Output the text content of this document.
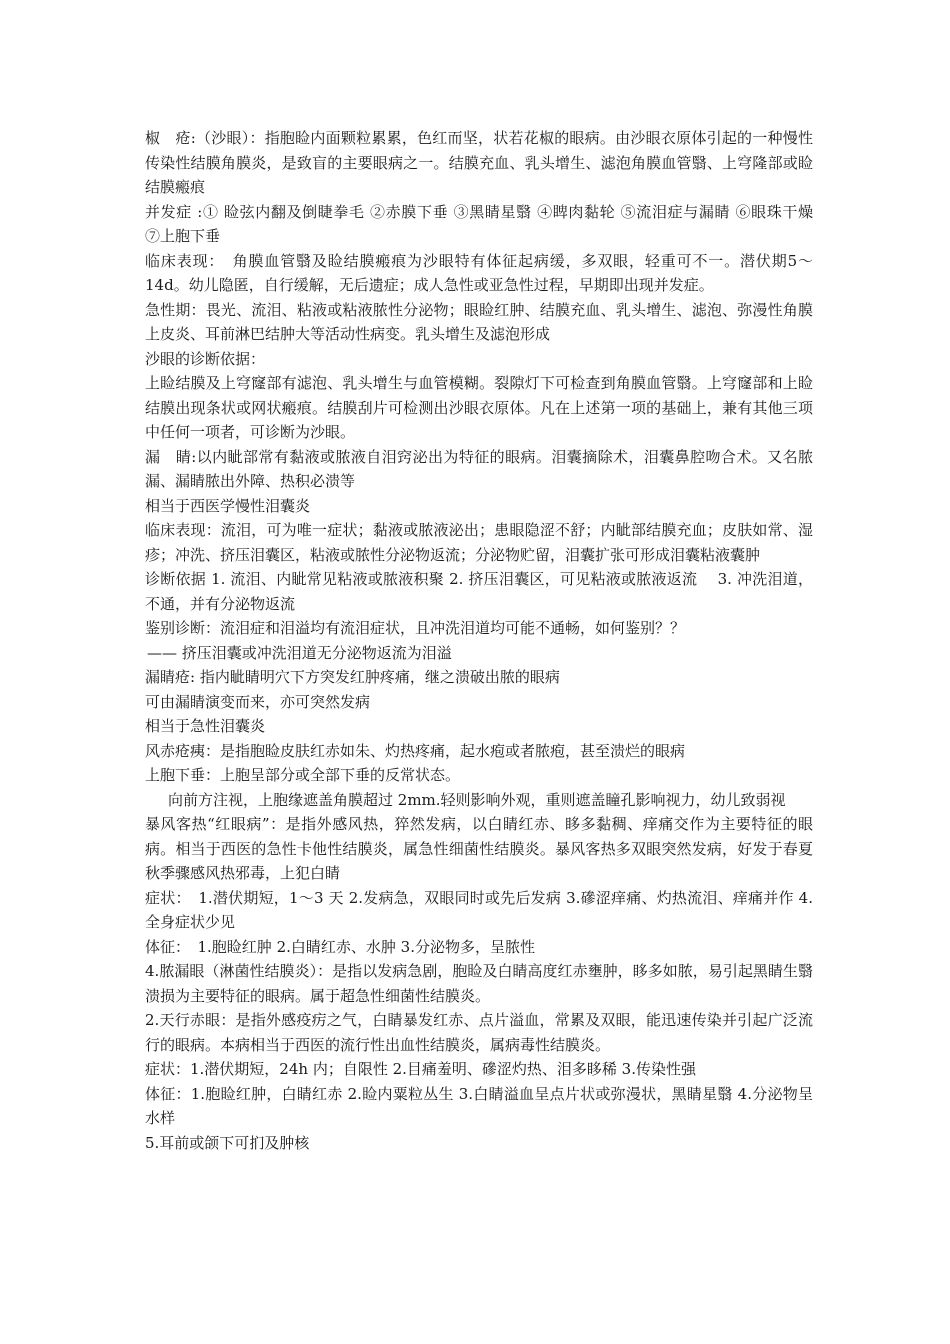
椒　疮:（沙眼）：指胞睑内面颗粒累累，色红而坚，状若花椒的眼病。由沙眼衣原体引起的一种慢性传染性结膜角膜炎，是致盲的主要眼病之一。结膜充血、乳头增生、滤泡角膜血管翳、上穹隆部或睑结膜瘢痕

并发症 :① 睑弦内翻及倒睫拳毛 ②赤膜下垂 ③黑睛星翳 ④睥肉黏轮 ⑤流泪症与漏睛 ⑥眼珠干燥　⑦上胞下垂

临床表现：　角膜血管翳及睑结膜瘢痕为沙眼特有体征起病缓，多双眼，轻重可不一。潜伏期5～14d。幼儿隐匿，自行缓解，无后遗症；成人急性或亚急性过程，早期即出现并发症。

急性期：畏光、流泪、粘液或粘液脓性分泌物；眼睑红肿、结膜充血、乳头增生、滤泡、弥漫性角膜上皮炎、耳前淋巴结肿大等活动性病变。乳头增生及滤泡形成

沙眼的诊断依据：

上睑结膜及上穹窿部有滤泡、乳头增生与血管模糊。裂隙灯下可检查到角膜血管翳。上穹窿部和上睑结膜出现条状或网状瘢痕。结膜刮片可检测出沙眼衣原体。凡在上述第一项的基础上，兼有其他三项中任何一项者，可诊断为沙眼。

漏　睛:以内眦部常有黏液或脓液自泪窍泌出为特征的眼病。泪囊摘除术，泪囊鼻腔吻合术。又名脓漏、漏睛脓出外障、热积必溃等

相当于西医学慢性泪囊炎

临床表现：流泪，可为唯一症状；黏液或脓液泌出；患眼隐涩不舒；内眦部结膜充血；皮肤如常、湿疹；冲洗、挤压泪囊区，粘液或脓性分泌物返流；分泌物贮留，泪囊扩张可形成泪囊粘液囊肿

诊断依据 1. 流泪、内眦常见粘液或脓液积聚 2. 挤压泪囊区，可见粘液或脓液返流　 3. 冲洗泪道，不通，并有分泌物返流

鉴别诊断：流泪症和泪溢均有流泪症状，且冲洗泪道均可能不通畅，如何鉴别？？

—— 挤压泪囊或冲洗泪道无分泌物返流为泪溢

漏睛疮: 指内眦睛明穴下方突发红肿疼痛，继之溃破出脓的眼病

可由漏睛演变而来，亦可突然发病

相当于急性泪囊炎

风赤疮痍：是指胞睑皮肤红赤如朱、灼热疼痛，起水疱或者脓疱，甚至溃烂的眼病

上胞下垂：上胞呈部分或全部下垂的反常状态。

　向前方注视，上胞缘遮盖角膜超过 2mm.轻则影响外观，重则遮盖瞳孔影响视力，幼儿致弱视

暴风客热“红眼病”：是指外感风热，猝然发病，以白睛红赤、眵多黏稠、痒痛交作为主要特征的眼病。相当于西医的急性卡他性结膜炎，属急性细菌性结膜炎。暴风客热多双眼突然发病，好发于春夏秋季骤感风热邪毒，上犯白睛

症状：　1.潜伏期短，1～3 天 2.发病急，双眼同时或先后发病 3.磣涩痒痛、灼热流泪、痒痛并作 4.全身症状少见

体征：　1.胞睑红肿 2.白睛红赤、水肿 3.分泌物多，呈脓性

4.脓漏眼（淋菌性结膜炎）：是指以发病急剧，胞睑及白睛高度红赤壅肿，眵多如脓，易引起黑睛生翳溃损为主要特征的眼病。属于超急性细菌性结膜炎。

2.天行赤眼：是指外感疫疠之气，白睛暴发红赤、点片溢血，常累及双眼，能迅速传染并引起广泛流行的眼病。本病相当于西医的流行性出血性结膜炎，属病毒性结膜炎。

症状：1.潜伏期短，24h 内；自限性 2.目痛羞明、磣涩灼热、泪多眵稀 3.传染性强

体征：1.胞睑红肿，白睛红赤 2.睑内粟粒丛生 3.白睛溢血呈点片状或弥漫状，黑睛星翳 4.分泌物呈水样

5.耳前或颌下可扪及肿核
